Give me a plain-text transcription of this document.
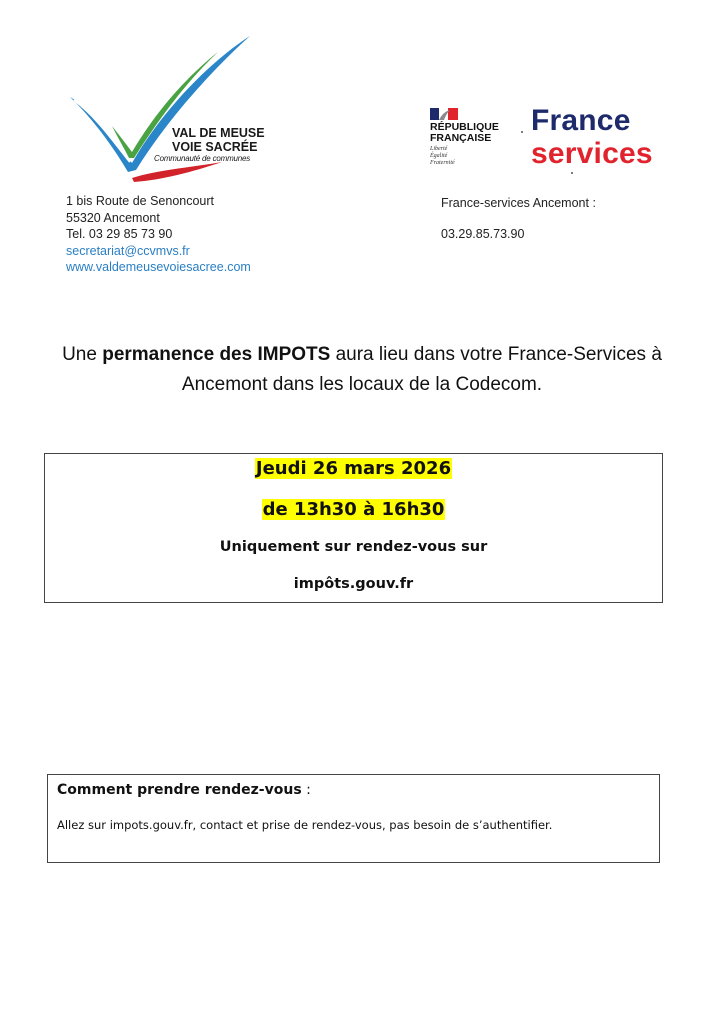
VAL DE MEUSE
VOIE SACRÉE
Communauté de communes
1 bis Route de Senoncourt
55320 Ancemont
Tel. 03 29 85 73 90
secretariat@ccvmvs.fr
www.valdemeusevoiesacree.com
RÉPUBLIQUE
FRANÇAISE
Liberté
Égalité
Fraternité
France
services
France-services Ancemont :
03.29.85.73.90
Une permanence des IMPOTS aura lieu dans votre France-Services à Ancemont dans les locaux de la Codecom.
Jeudi 26 mars 2026
de 13h30 à 16h30
Uniquement sur rendez-vous sur
impôts.gouv.fr
Comment prendre rendez-vous :
Allez sur impots.gouv.fr, contact et prise de rendez-vous, pas besoin de s’authentifier.
